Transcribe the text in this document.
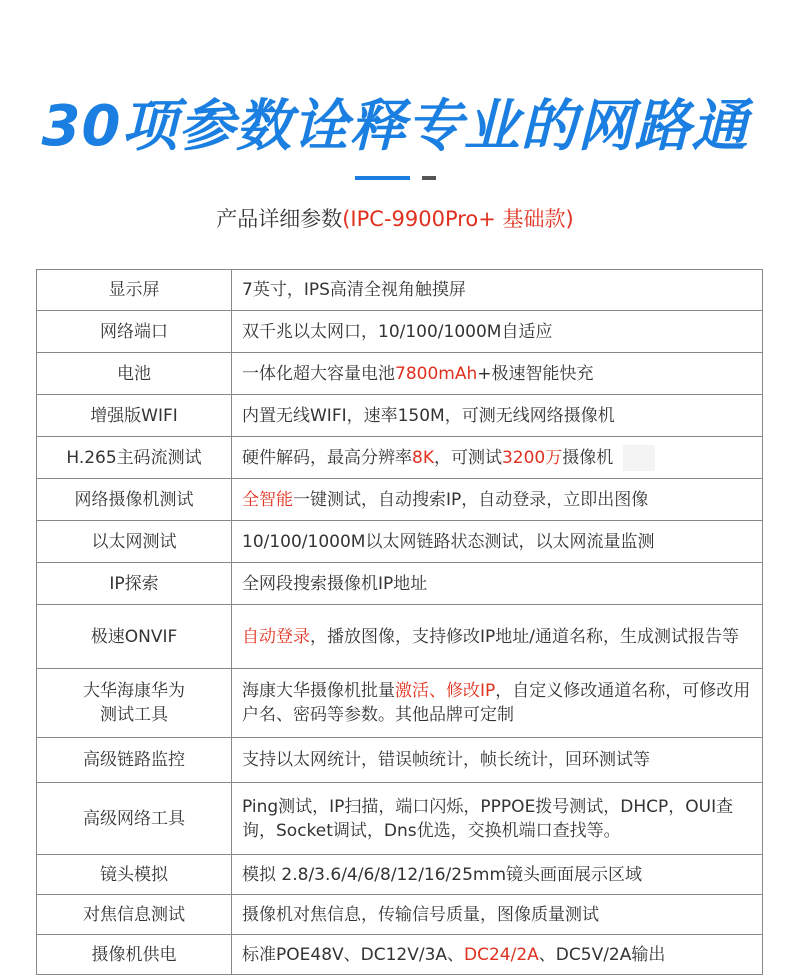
30项参数诠释专业的网路通
产品详细参数(IPC-9900Pro+ 基础款)
显示屏	7英寸，IPS高清全视角触摸屏
网络端口	双千兆以太网口，10/100/1000M自适应
电池	一体化超大容量电池7800mAh+极速智能快充
增强版WIFI	内置无线WIFI，速率150M，可测无线网络摄像机
H.265主码流测试	硬件解码，最高分辨率8K，可测试3200万摄像机
网络摄像机测试	全智能一键测试，自动搜索IP，自动登录，立即出图像
以太网测试	10/100/1000M以太网链路状态测试，以太网流量监测
IP探索	全网段搜索摄像机IP地址
极速ONVIF	自动登录，播放图像，支持修改IP地址/通道名称，生成测试报告等
大华海康华为
测试工具	海康大华摄像机批量激活、修改IP，自定义修改通道名称，可修改用户名、密码等参数。其他品牌可定制
高级链路监控	支持以太网统计，错误帧统计，帧长统计，回环测试等
高级网络工具	Ping测试，IP扫描，端口闪烁，PPPOE拨号测试，DHCP，OUI查询，Socket调试，Dns优选，交换机端口查找等。
镜头模拟	模拟 2.8/3.6/4/6/8/12/16/25mm镜头画面展示区域
对焦信息测试	摄像机对焦信息，传输信号质量，图像质量测试
摄像机供电	标准POE48V、DC12V/3A、DC24/2A、DC5V/2A输出
